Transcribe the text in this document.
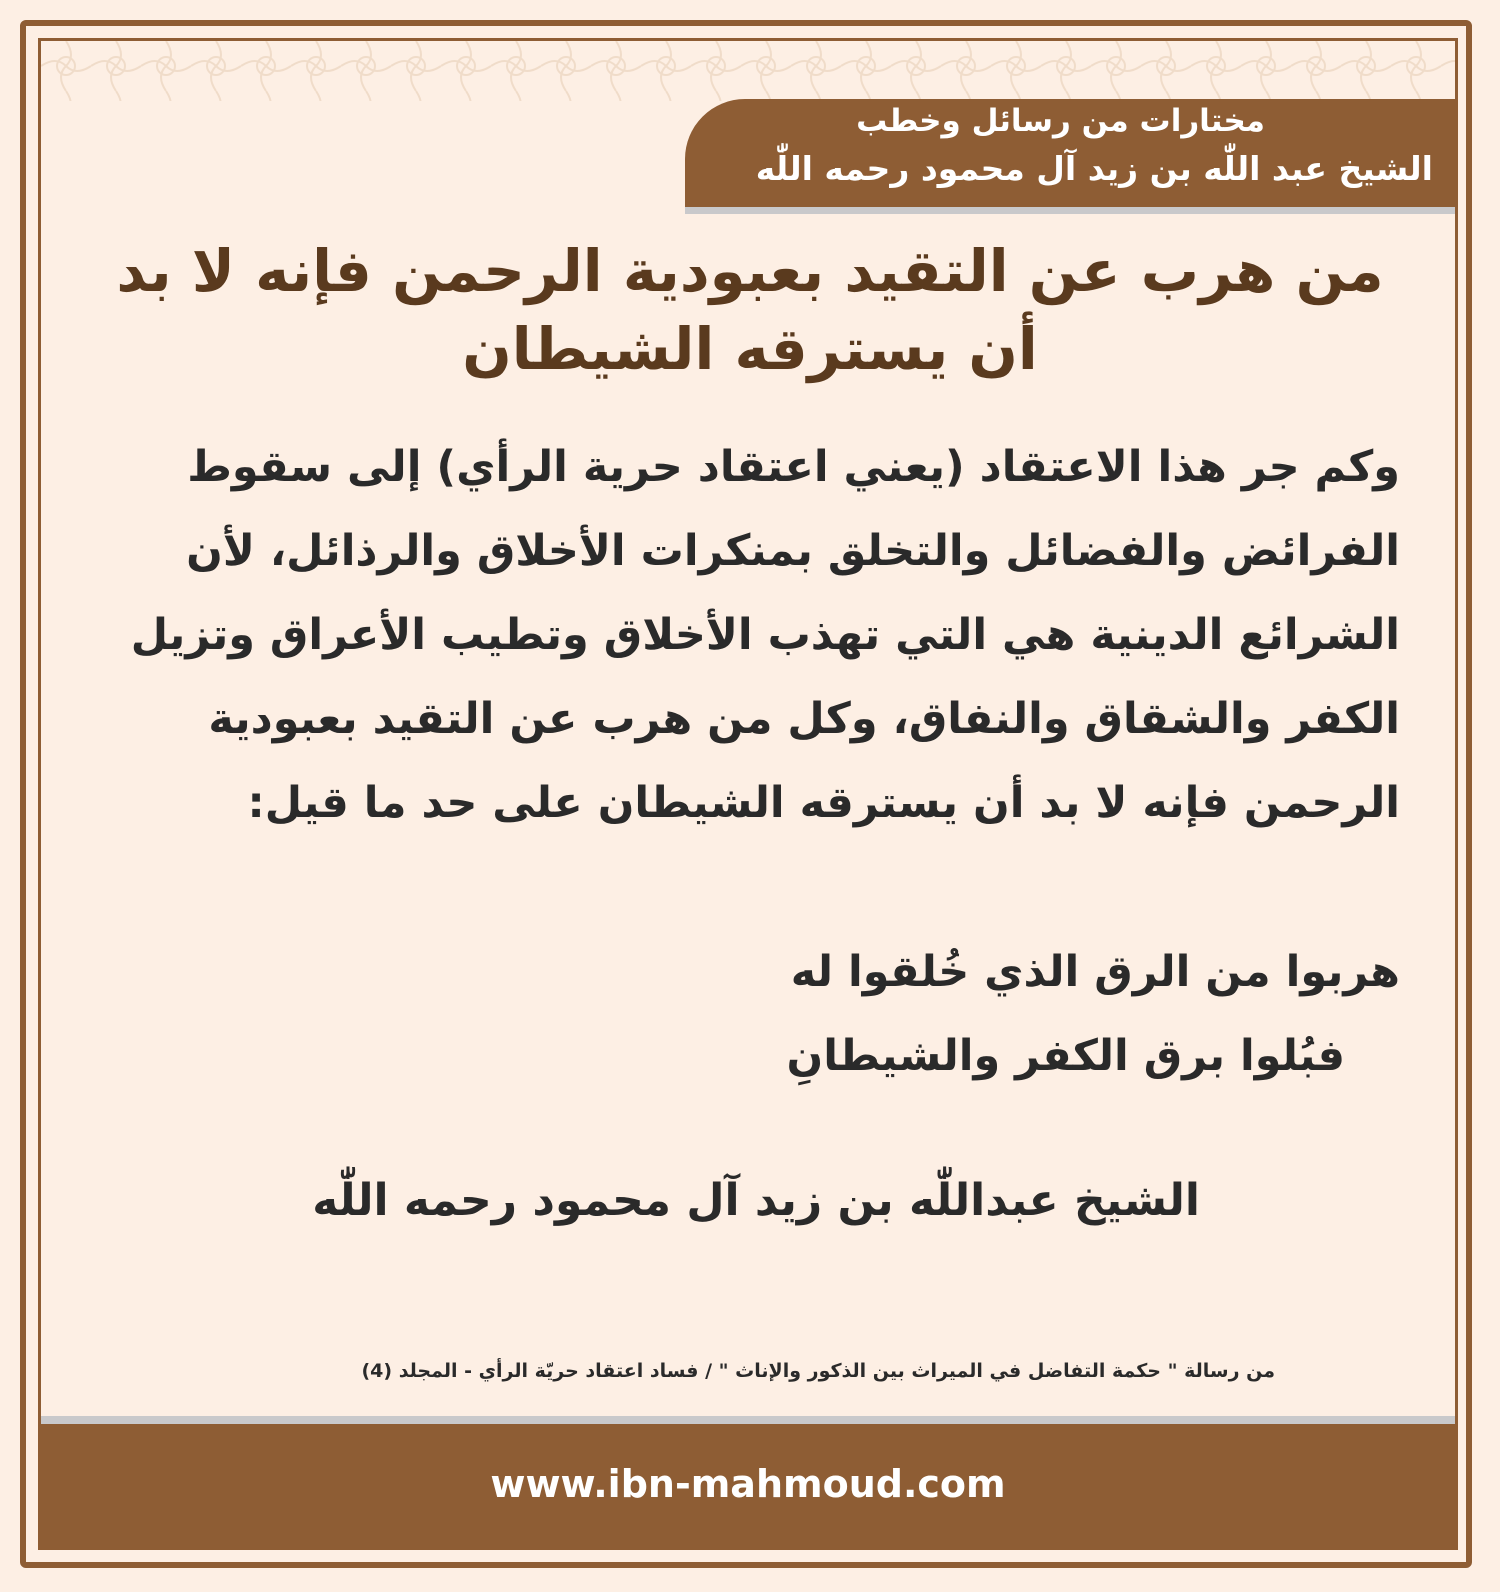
مختارات من رسائل وخطب
الشيخ عبد اللّٰه بن زيد آل محمود رحمه اللّٰه
من هرب عن التقيد بعبودية الرحمن فإنه لا بد
أن يسترقه الشيطان

وكم جر هذا الاعتقاد (يعني اعتقاد حرية الرأي) إلى سقوط الفرائض والفضائل والتخلق بمنكرات الأخلاق والرذائل، لأن الشرائع الدينية هي التي تهذب الأخلاق وتطيب الأعراق وتزيل الكفر والشقاق والنفاق، وكل من هرب عن التقيد بعبودية الرحمن فإنه لا بد أن يسترقه الشيطان على حد ما قيل:

هربوا من الرق الذي خُلقوا له
فبُلوا برق الكفر والشيطانِ
الشيخ عبداللّٰه بن زيد آل محمود رحمه اللّٰه
من رسالة " حكمة التفاضل في الميراث بين الذكور والإناث " / فساد اعتقاد حريّة الرأي - المجلد (4)
www.ibn-mahmoud.com
